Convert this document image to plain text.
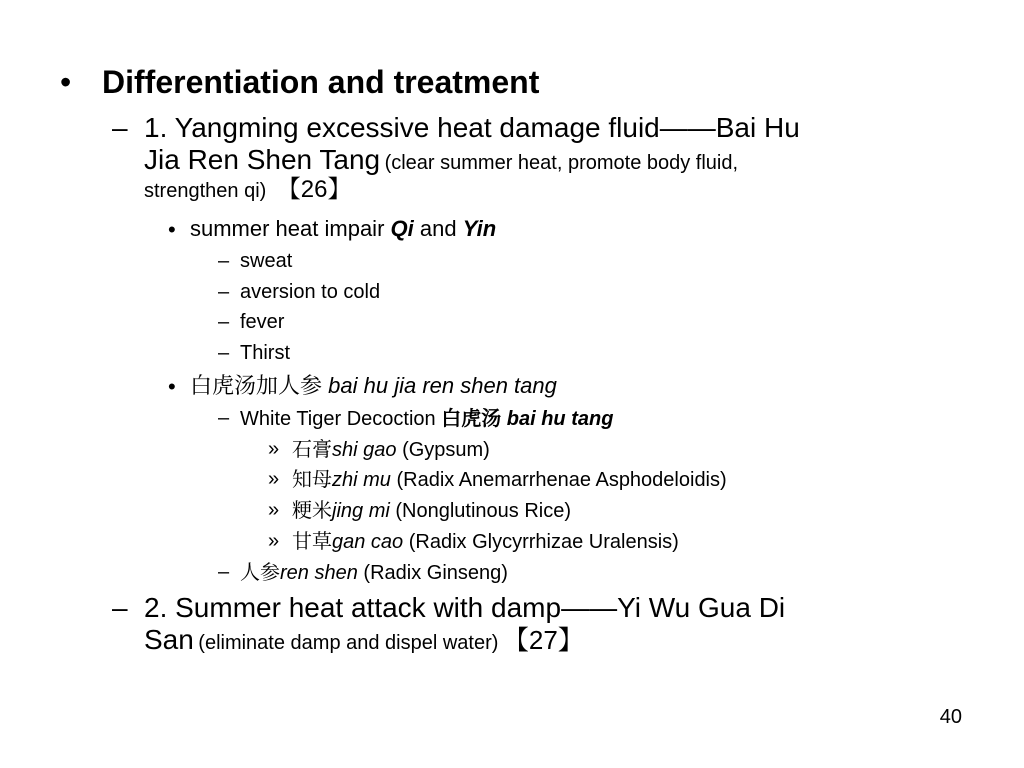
• Differentiation and treatment
– 1. Yangming excessive heat damage fluid——Bai Hu
Jia Ren Shen Tang (clear summer heat, promote body fluid,
strengthen qi) 【26】
• summer heat impair Qi and Yin
– sweat
– aversion to cold
– fever
– Thirst
• 白虎汤加人参 bai hu jia ren shen tang
– White Tiger Decoction 白虎汤 bai hu tang
» 石膏shi gao (Gypsum)
» 知母zhi mu (Radix Anemarrhenae Asphodeloidis)
» 粳米jing mi (Nonglutinous Rice)
» 甘草gan cao (Radix Glycyrrhizae Uralensis)
– 人参ren shen (Radix Ginseng)
– 2. Summer heat attack with damp——Yi Wu Gua Di
San (eliminate damp and dispel water) 【27】
40
